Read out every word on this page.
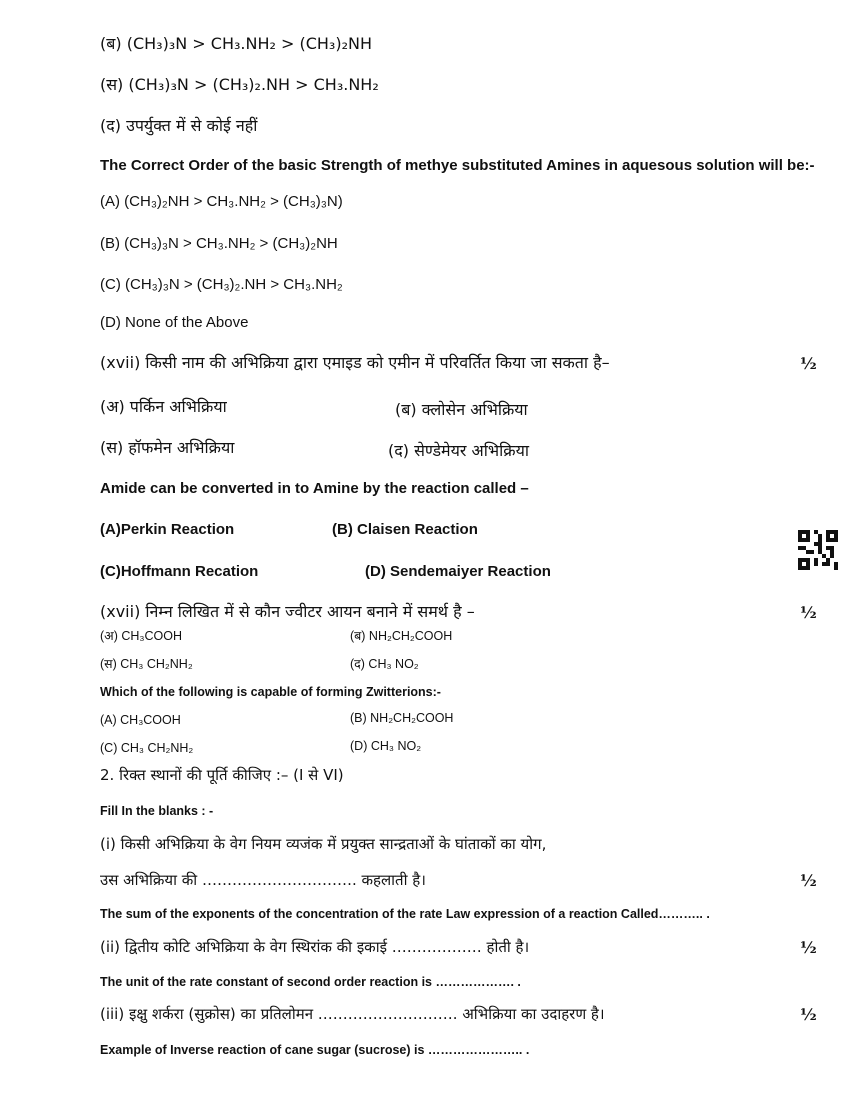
(ब) (CH₃)₃N > CH₃.NH₂ > (CH₃)₂NH
(स) (CH₃)₃N > (CH₃)₂.NH > CH₃.NH₂
(द) उपर्युक्त में से कोई नहीं
The Correct Order of the basic Strength of methye substituted Amines in aquesous solution will be:-
(A) (CH₃)₂NH > CH₃.NH₂ > (CH₃)₃N)
(B) (CH₃)₃N > CH₃.NH₂ > (CH₃)₂NH
(C) (CH₃)₃N > (CH₃)₂.NH > CH₃.NH₂
(D) None of the Above
(xvii) किसी नाम की अभिक्रिया द्वारा एमाइड को एमीन में परिवर्तित किया जा सकता है–	½
(अ) पर्किन अभिक्रिया	(ब) क्लोसेन अभिक्रिया
(स) हॉफमेन अभिक्रिया	(द) सेण्डेमेयर अभिक्रिया
Amide can be converted in to Amine by the reaction called –
(A)Perkin Reaction	(B) Claisen Reaction
(C)Hoffmann Recation	(D) Sendemaiyer Reaction
(xvii) निम्न लिखित में से कौन ज्वीटर आयन बनाने में समर्थ है –	½
(अ) CH₃COOH	(ब) NH₂CH₂COOH
(स) CH₃ CH₂NH₂	(द) CH₃ NO₂
Which of the following is capable of forming Zwitterions:-
(A) CH₃COOH	(B) NH₂CH₂COOH
(C) CH₃ CH₂NH₂	(D) CH₃ NO₂
2. रिक्त स्थानों की पूर्ति कीजिए :– (I से VI)
Fill In the blanks : -
(i) किसी अभिक्रिया के वेग नियम व्यजंक में प्रयुक्त सान्द्रताओं के घांताकों का योग,
उस अभिक्रिया की …………………………. कहलाती है।	½
The sum of the exponents of the concentration of the rate Law expression of a reaction Called……….. .
(ii) द्वितीय कोटि अभिक्रिया के वेग स्थिरांक की इकाई ……………… होती है।	½
The unit of the rate constant of second order reaction is ………………. .
(iii) इक्षु शर्करा (सुक्रोस) का प्रतिलोमन ………………………. अभिक्रिया का उदाहरण है।	½
Example of Inverse reaction of cane sugar (sucrose) is ………………….. .
